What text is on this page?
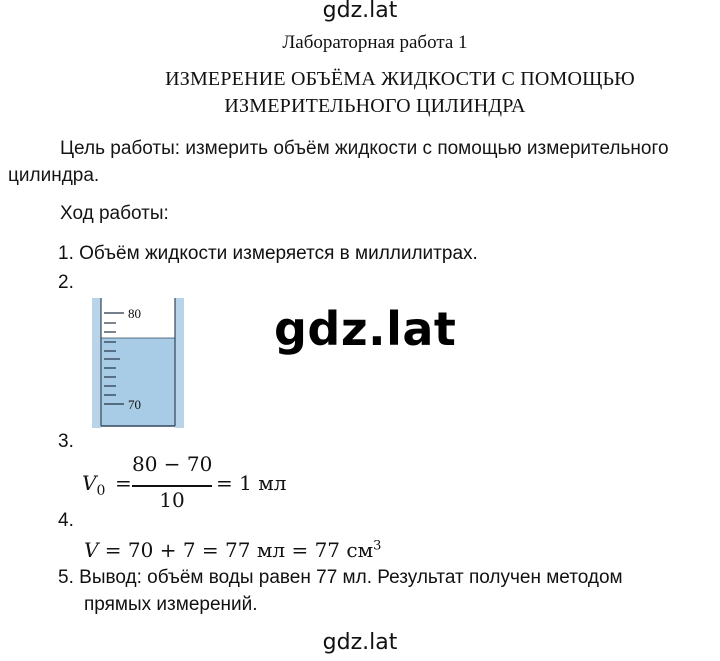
gdz.lat
Лабораторная работа 1
ИЗМЕРЕНИЕ ОБЪЁМА ЖИДКОСТИ С ПОМОЩЬЮ
ИЗМЕРИТЕЛЬНОГО ЦИЛИНДРА
Цель работы: измерить объём жидкости с помощью измерительного
цилиндра.
Ход работы:
1. Объём жидкости измеряется в миллилитрах.
2.
80
70
gdz.lat
3.
$V_0$ =
80 − 70
10
= 1 мл
4.
V = 70 + 7 = 77 мл = 77 $см^3$
5. Вывод: объём воды равен 77 мл. Результат получен методом
прямых измерений.
gdz.lat
